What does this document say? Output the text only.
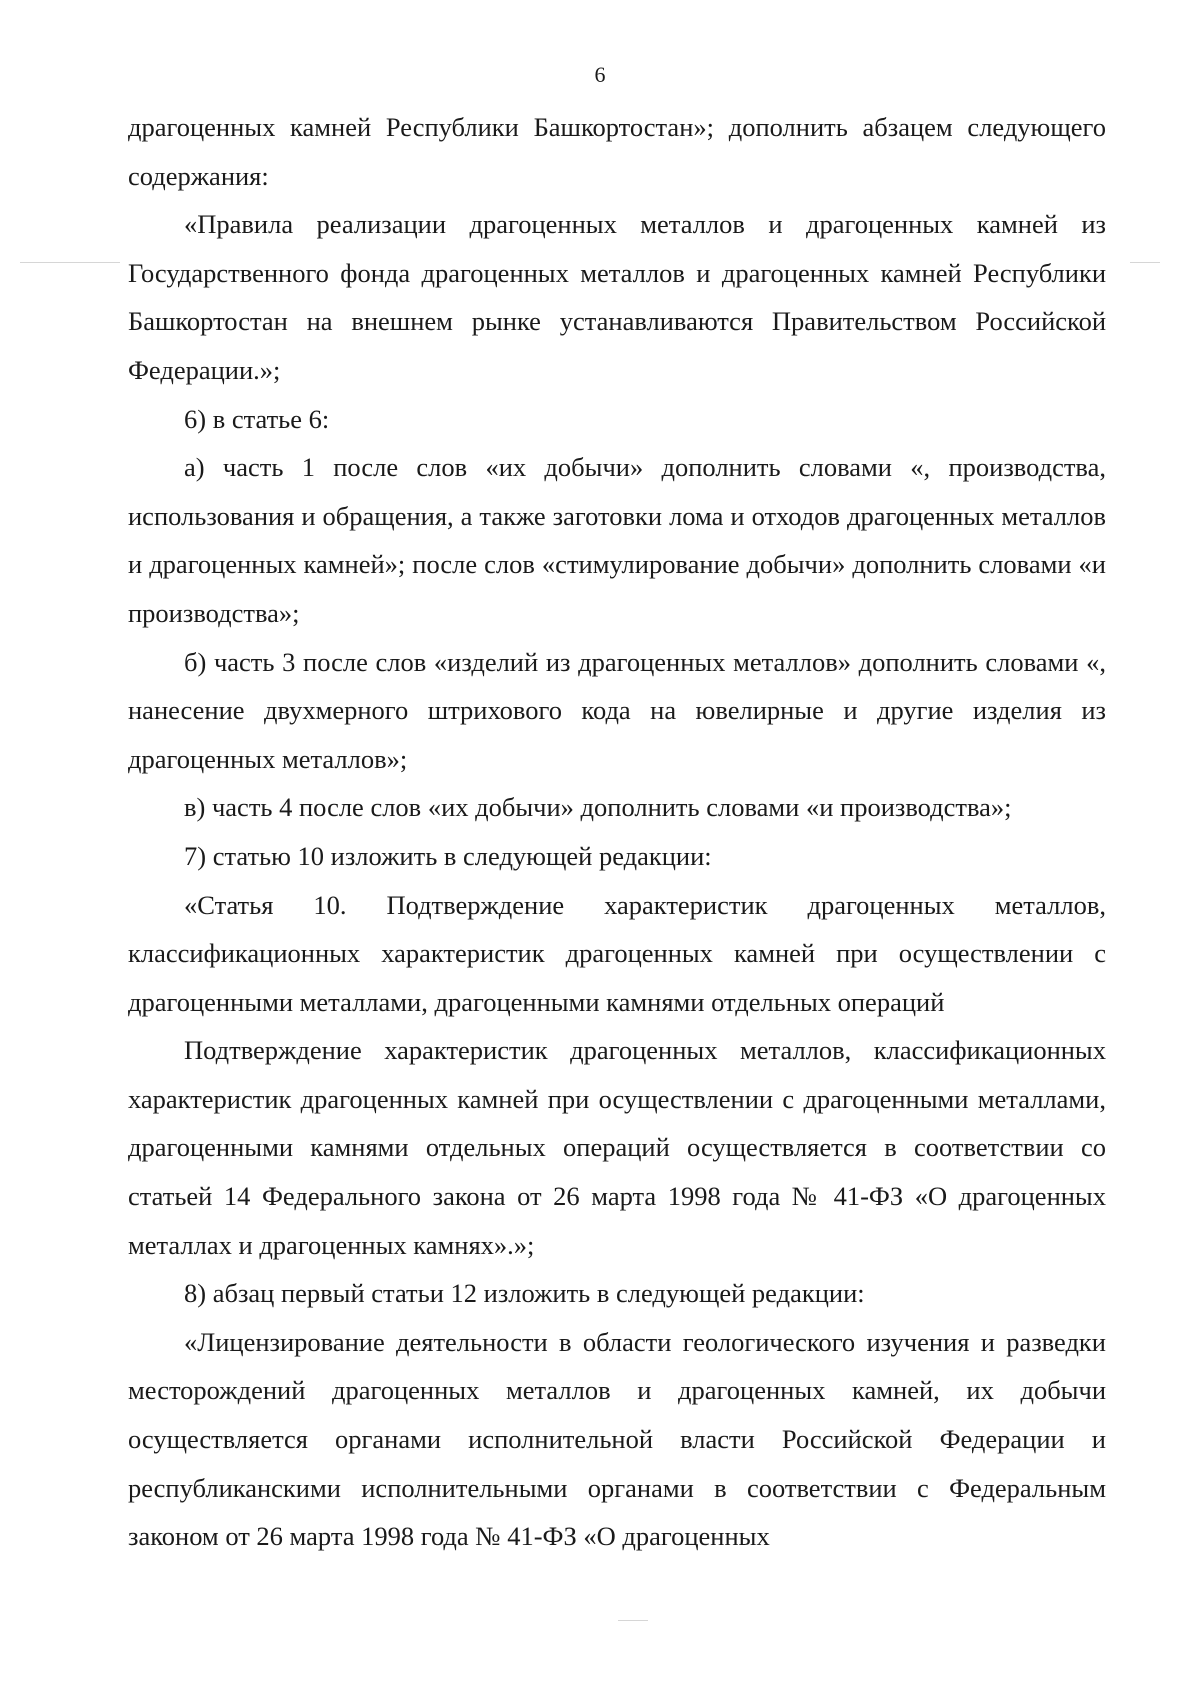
6

драгоценных камней Республики Башкортостан»; дополнить абзацем следующего содержания:

«Правила реализации драгоценных металлов и драгоценных камней из Государственного фонда драгоценных металлов и драгоценных камней Республики Башкортостан на внешнем рынке устанавливаются Правительством Российской Федерации.»;

6) в статье 6:

а) часть 1 после слов «их добычи» дополнить словами «, производства, использования и обращения, а также заготовки лома и отходов драгоценных металлов и драгоценных камней»; после слов «стимулирование добычи» дополнить словами «и производства»;

б) часть 3 после слов «изделий из драгоценных металлов» дополнить словами «, нанесение двухмерного штрихового кода на ювелирные и другие изделия из драгоценных металлов»;

в) часть 4 после слов «их добычи» дополнить словами «и производства»;

7) статью 10 изложить в следующей редакции:

«Статья 10. Подтверждение характеристик драгоценных металлов, классификационных характеристик драгоценных камней при осуществлении с драгоценными металлами, драгоценными камнями отдельных операций

Подтверждение характеристик драгоценных металлов, классификационных характеристик драгоценных камней при осуществлении с драгоценными металлами, драгоценными камнями отдельных операций осуществляется в соответствии со статьей 14 Федерального закона от 26 марта 1998 года № 41-ФЗ «О драгоценных металлах и драгоценных камнях».»;

8) абзац первый статьи 12 изложить в следующей редакции:

«Лицензирование деятельности в области геологического изучения и разведки месторождений драгоценных металлов и драгоценных камней, их добычи осуществляется органами исполнительной власти Российской Федерации и республиканскими исполнительными органами в соответствии с Федеральным законом от 26 марта 1998 года № 41-ФЗ «О драгоценных
